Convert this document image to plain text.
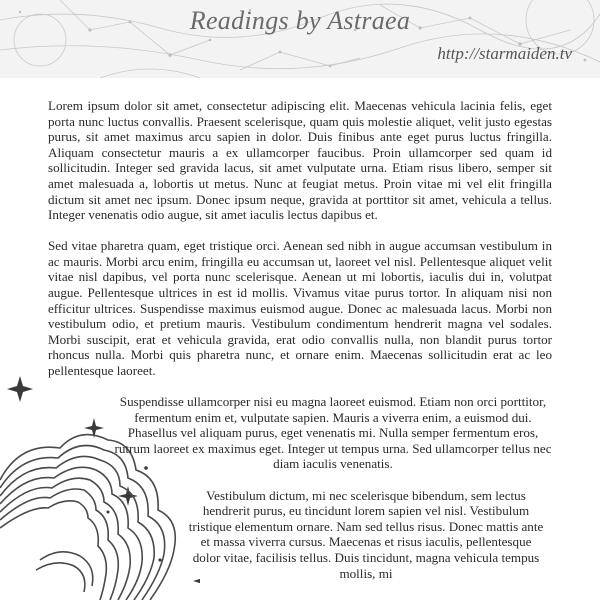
Readings by Astraea
http://starmaiden.tv

Lorem ipsum dolor sit amet, consectetur adipiscing elit. Maecenas vehicula lacinia felis, eget porta nunc luctus convallis. Praesent scelerisque, quam quis molestie aliquet, velit justo egestas purus, sit amet maximus arcu sapien in dolor. Duis finibus ante eget purus luctus fringilla. Aliquam consectetur mauris a ex ullamcorper faucibus. Proin ullamcorper sed quam id sollicitudin. Integer sed gravida lacus, sit amet vulputate urna. Etiam risus libero, semper sit amet malesuada a, lobortis ut metus. Nunc at feugiat metus. Proin vitae mi vel elit fringilla dictum sit amet nec ipsum. Donec ipsum neque, gravida at porttitor sit amet, vehicula a tellus. Integer venenatis odio augue, sit amet iaculis lectus dapibus et.

Sed vitae pharetra quam, eget tristique orci. Aenean sed nibh in augue accumsan vestibulum in ac mauris. Morbi arcu enim, fringilla eu accumsan ut, laoreet vel nisl. Pellentesque aliquet velit vitae nisl dapibus, vel porta nunc scelerisque. Aenean ut mi lobortis, iaculis dui in, volutpat augue. Pellentesque ultrices in est id mollis. Vivamus vitae purus tortor. In aliquam nisi non efficitur ultrices. Suspendisse maximus euismod augue. Donec ac malesuada lacus. Morbi non vestibulum odio, et pretium mauris. Vestibulum condimentum hendrerit magna vel sodales. Morbi suscipit, erat et vehicula gravida, erat odio convallis nulla, non blandit purus tortor rhoncus nulla. Morbi quis pharetra nunc, et ornare enim. Maecenas sollicitudin erat ac leo pellentesque laoreet.

Suspendisse ullamcorper nisi eu magna laoreet euismod. Etiam non orci porttitor, fermentum enim et, vulputate sapien. Mauris a viverra enim, a euismod dui. Phasellus vel aliquam purus, eget venenatis mi. Nulla semper fermentum eros, rutrum laoreet ex maximus eget. Integer ut tempus urna. Sed ullamcorper tellus nec diam iaculis venenatis.

Vestibulum dictum, mi nec scelerisque bibendum, sem lectus hendrerit purus, eu tincidunt lorem sapien vel nisl. Vestibulum tristique elementum ornare. Nam sed tellus risus. Donec mattis ante et massa viverra cursus. Maecenas et risus iaculis, pellentesque dolor vitae, facilisis tellus. Duis tincidunt, magna vehicula tempus mollis, mi
